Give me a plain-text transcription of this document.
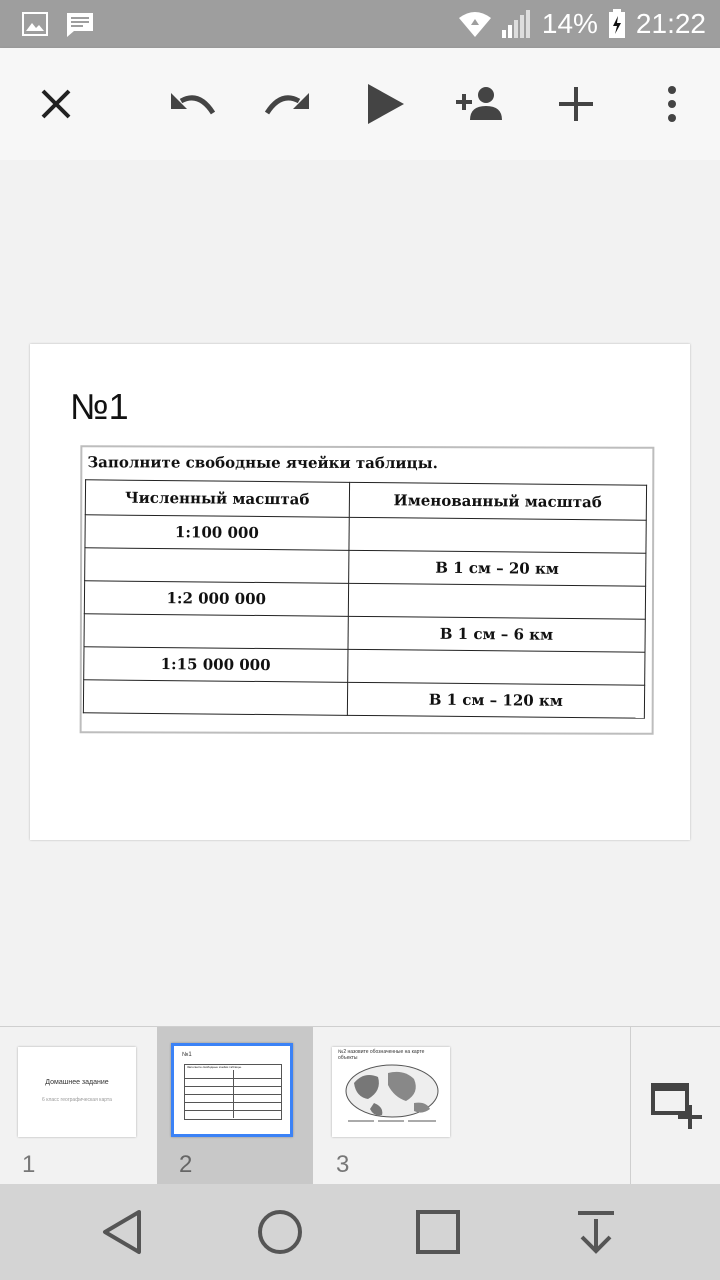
14% 21:22
№1
Заполните свободные ячейки таблицы.
Численный масштаб	Именованный масштаб
1:100 000	
	В 1 см – 20 км
1:2 000 000	
	В 1 см – 6 км
1:15 000 000	
	В 1 см – 120 км
Домашнее задание
6 класс географическая карта
1
№1
Заполните свободные ячейки таблицы.
2
№2 назовите обозначенные на карте объекты
3
